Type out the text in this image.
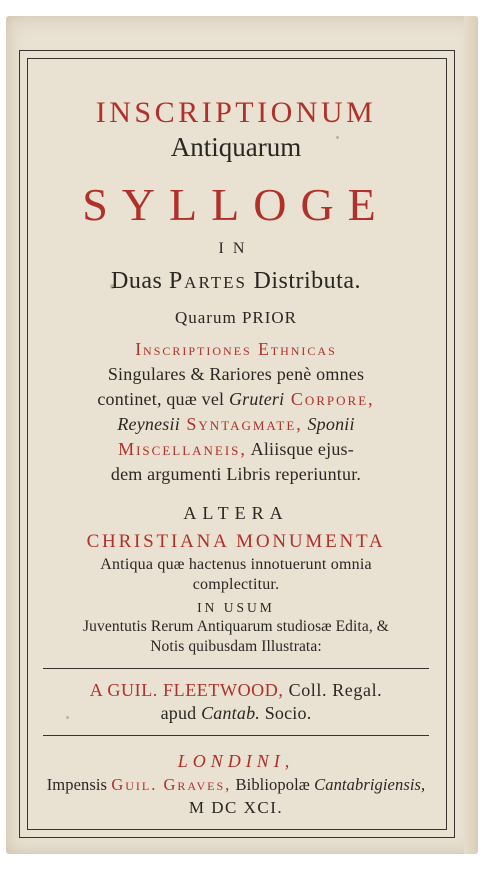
INSCRIPTIONUM
Antiquarum
SYLLOGE
IN
Duas Partes Distributa.
Quarum PRIOR
Inscriptiones Ethnicas
Singulares & Rariores penè omnes
continet, quæ vel Gruteri Corpore,
Reynesii Syntagmate, Sponii
Miscellaneis, Aliisque ejus-
dem argumenti Libris reperiuntur.
ALTERA
CHRISTIANA MONUMENTA
Antiqua quæ hactenus innotuerunt omnia
complectitur.
IN USUM
Juventutis Rerum Antiquarum studiosæ Edita, &
Notis quibusdam Illustrata:
A GUIL. FLEETWOOD, Coll. Regal.
apud Cantab. Socio.
LONDINI,
Impensis Guil. Graves, Bibliopolæ Cantabrigiensis,
M DC XCI.
